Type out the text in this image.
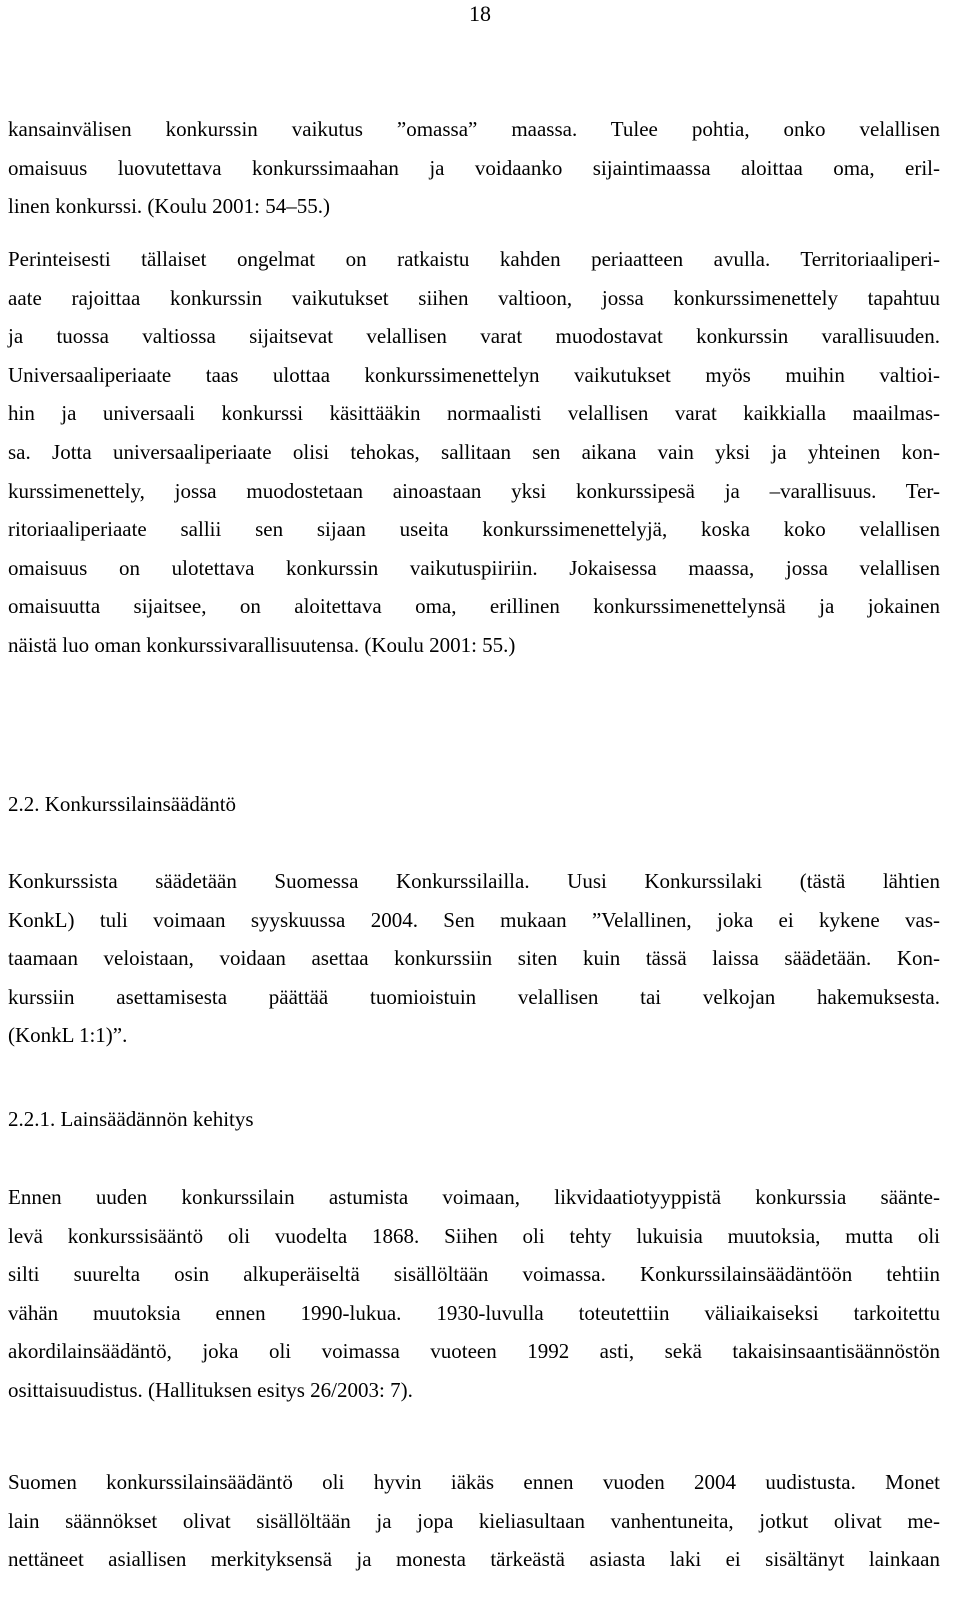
18
kansainvälisen konkurssin vaikutus ”omassa” maassa. Tulee pohtia, onko velallisen
omaisuus luovutettava konkurssimaahan ja voidaanko sijaintimaassa aloittaa oma, eril-
linen konkurssi. (Koulu 2001: 54–55.)
Perinteisesti tällaiset ongelmat on ratkaistu kahden periaatteen avulla. Territoriaaliperi-
aate rajoittaa konkurssin vaikutukset siihen valtioon, jossa konkurssimenettely tapahtuu
ja tuossa valtiossa sijaitsevat velallisen varat muodostavat konkurssin varallisuuden.
Universaaliperiaate taas ulottaa konkurssimenettelyn vaikutukset myös muihin valtioi-
hin ja universaali konkurssi käsittääkin normaalisti velallisen varat kaikkialla maailmas-
sa. Jotta universaaliperiaate olisi tehokas, sallitaan sen aikana vain yksi ja yhteinen kon-
kurssimenettely, jossa muodostetaan ainoastaan yksi konkurssipesä ja –varallisuus. Ter-
ritoriaaliperiaate sallii sen sijaan useita konkurssimenettelyjä, koska koko velallisen
omaisuus on ulotettava konkurssin vaikutuspiiriin. Jokaisessa maassa, jossa velallisen
omaisuutta sijaitsee, on aloitettava oma, erillinen konkurssimenettelynsä ja jokainen
näistä luo oman konkurssivarallisuutensa. (Koulu 2001: 55.)
2.2. Konkurssilainsäädäntö
Konkurssista säädetään Suomessa Konkurssilailla. Uusi Konkurssilaki (tästä lähtien
KonkL) tuli voimaan syyskuussa 2004. Sen mukaan ”Velallinen, joka ei kykene vas-
taamaan veloistaan, voidaan asettaa konkurssiin siten kuin tässä laissa säädetään. Kon-
kurssiin asettamisesta päättää tuomioistuin velallisen tai velkojan hakemuksesta.
(KonkL 1:1)”.
2.2.1. Lainsäädännön kehitys
Ennen uuden konkurssilain astumista voimaan, likvidaatiotyyppistä konkurssia säänte-
levä konkurssisääntö oli vuodelta 1868. Siihen oli tehty lukuisia muutoksia, mutta oli
silti suurelta osin alkuperäiseltä sisällöltään voimassa. Konkurssilainsäädäntöön tehtiin
vähän muutoksia ennen 1990-lukua. 1930-luvulla toteutettiin väliaikaiseksi tarkoitettu
akordilainsäädäntö, joka oli voimassa vuoteen 1992 asti, sekä takaisinsaantisäännöstön
osittaisuudistus. (Hallituksen esitys 26/2003: 7).
Suomen konkurssilainsäädäntö oli hyvin iäkäs ennen vuoden 2004 uudistusta. Monet
lain säännökset olivat sisällöltään ja jopa kieliasultaan vanhentuneita, jotkut olivat me-
nettäneet asiallisen merkityksensä ja monesta tärkeästä asiasta laki ei sisältänyt lainkaan
